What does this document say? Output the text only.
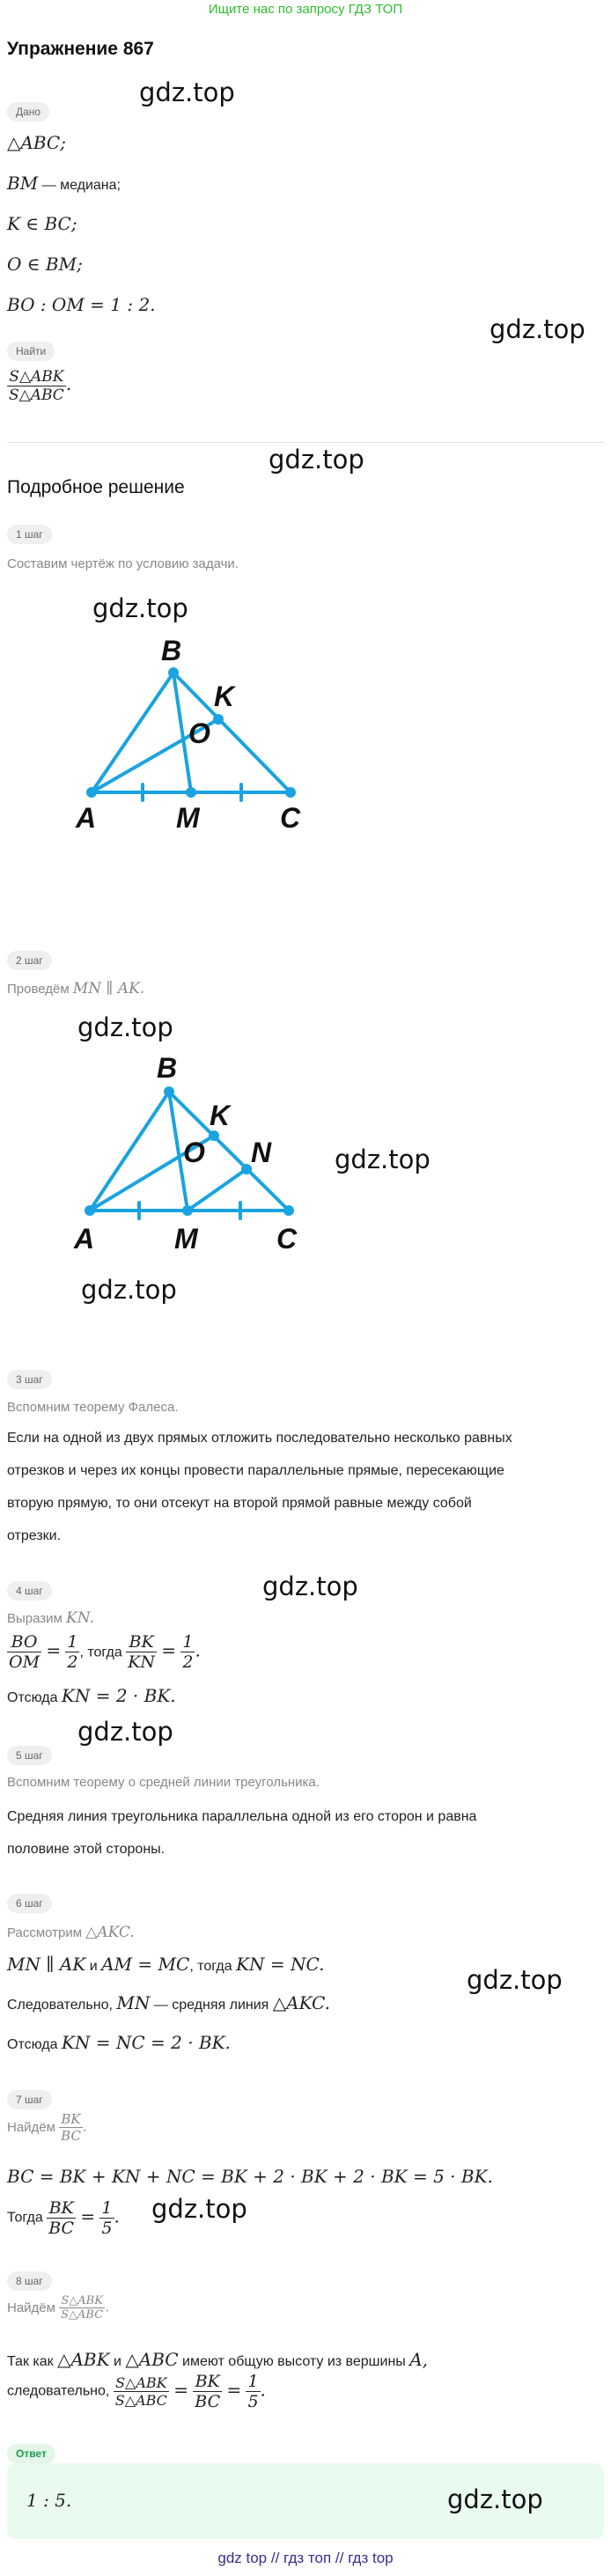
Ищите нас по запросу ГДЗ ТОП
Упражнение 867
gdz.top
Дано
△ABC;
BM — медиана;
K ∈ BC;
O ∈ BM;
BO : OM = 1 : 2.
gdz.top
Найти
$\frac{\text{S△ABK}}{\text{S△ABC}}$ .
gdz.top
Подробное решение
1 шаг
Составим чертёж по условию задачи.
gdz.top
B
K
O
A	M	C
2 шаг
Проведём MN ∥ AK.
gdz.top
B
K
O N
A	M	C
gdz.top
gdz.top
3 шаг
Вспомним теорему Фалеса.
Если на одной из двух прямых отложить последовательно несколько равных
отрезков и через их концы провести параллельные прямые, пересекающие
вторую прямую, то они отсекут на второй прямой равные между собой
отрезки.
gdz.top
4 шаг
Выразим KN.
$\frac{BO}{OM} = \frac{1}{2}$ , тогда $\frac{BK}{KN} = \frac{1}{2}$ .
Отсюда KN = 2 · BK.
gdz.top
5 шаг
Вспомним теорему о средней линии треугольника.
Средняя линия треугольника параллельна одной из его сторон и равна
половине этой стороны.
6 шаг
Рассмотрим △AKC.
MN ∥ AK и AM = MC, тогда KN = NC.
gdz.top
Следовательно, MN — средняя линия △AKC.
Отсюда KN = NC = 2 · BK.
7 шаг
Найдём $\frac{BK}{BC}$ .
BC = BK + KN + NC = BK + 2 · BK + 2 · BK = 5 · BK.
Тогда $\frac{BK}{BC} = \frac{1}{5}$ . gdz.top
8 шаг
Найдём $\frac{\text{S△ABK}}{\text{S△ABC}}$ .
Так как △ABK и △ABC имеют общую высоту из вершины A,
следовательно, $\frac{\text{S△ABK}}{\text{S△ABC}} = \frac{BK}{BC} = \frac{1}{5}$ .
Ответ
1 : 5.	gdz.top
gdz top // гдз топ // гдз top
